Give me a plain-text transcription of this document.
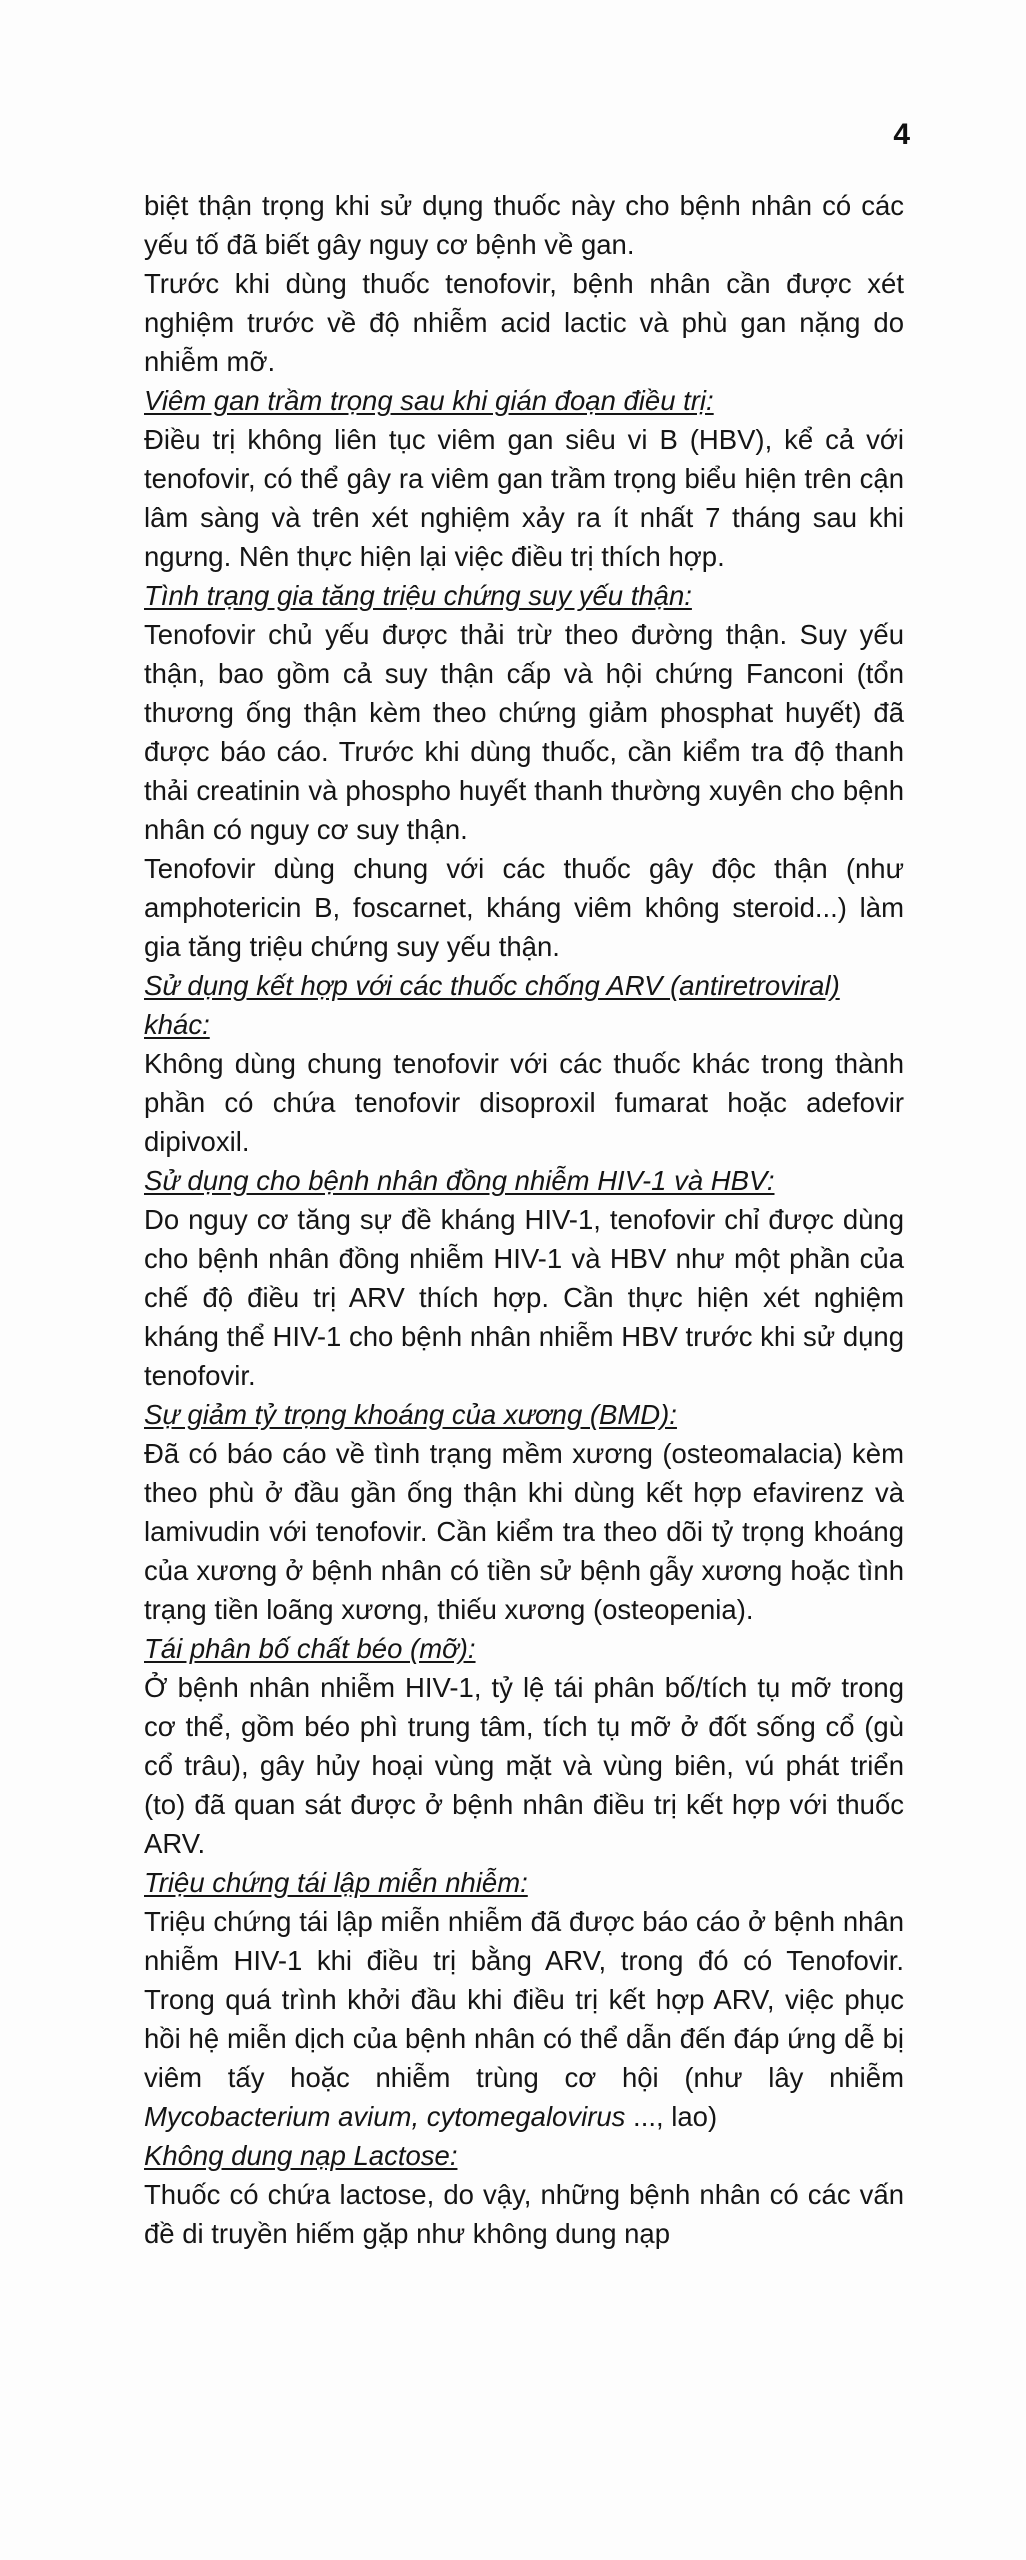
4

biệt thận trọng khi sử dụng thuốc này cho bệnh nhân có các yếu tố đã biết gây nguy cơ bệnh về gan.

Trước khi dùng thuốc tenofovir, bệnh nhân cần được xét nghiệm trước về độ nhiễm acid lactic và phù gan nặng do nhiễm mỡ.

Viêm gan trầm trọng sau khi gián đoạn điều trị:

Điều trị không liên tục viêm gan siêu vi B (HBV), kể cả với tenofovir, có thể gây ra viêm gan trầm trọng biểu hiện trên cận lâm sàng và trên xét nghiệm xảy ra ít nhất 7 tháng sau khi ngưng. Nên thực hiện lại việc điều trị thích hợp.

Tình trạng gia tăng triệu chứng suy yếu thận:

Tenofovir chủ yếu được thải trừ theo đường thận. Suy yếu thận, bao gồm cả suy thận cấp và hội chứng Fanconi (tổn thương ống thận kèm theo chứng giảm phosphat huyết) đã được báo cáo. Trước khi dùng thuốc, cần kiểm tra độ thanh thải creatinin và phospho huyết thanh thường xuyên cho bệnh nhân có nguy cơ suy thận.

Tenofovir dùng chung với các thuốc gây độc thận (như amphotericin B, foscarnet, kháng viêm không steroid...) làm gia tăng triệu chứng suy yếu thận.

Sử dụng kết hợp với các thuốc chống ARV (antiretroviral) khác:

Không dùng chung tenofovir với các thuốc khác trong thành phần có chứa tenofovir disoproxil fumarat hoặc adefovir dipivoxil.

Sử dụng cho bệnh nhân đồng nhiễm HIV-1 và HBV:

Do nguy cơ tăng sự đề kháng HIV-1, tenofovir chỉ được dùng cho bệnh nhân đồng nhiễm HIV-1 và HBV như một phần của chế độ điều trị ARV thích hợp. Cần thực hiện xét nghiệm kháng thể HIV-1 cho bệnh nhân nhiễm HBV trước khi sử dụng tenofovir.

Sự giảm tỷ trọng khoáng của xương (BMD):

Đã có báo cáo về tình trạng mềm xương (osteomalacia) kèm theo phù ở đầu gần ống thận khi dùng kết hợp efavirenz và lamivudin với tenofovir. Cần kiểm tra theo dõi tỷ trọng khoáng của xương ở bệnh nhân có tiền sử bệnh gẫy xương hoặc tình trạng tiền loãng xương, thiếu xương (osteopenia).

Tái phân bố chất béo (mỡ):

Ở bệnh nhân nhiễm HIV-1, tỷ lệ tái phân bố/tích tụ mỡ trong cơ thể, gồm béo phì trung tâm, tích tụ mỡ ở đốt sống cổ (gù cổ trâu), gây hủy hoại vùng mặt và vùng biên, vú phát triển (to) đã quan sát được ở bệnh nhân điều trị kết hợp với thuốc ARV.

Triệu chứng tái lập miễn nhiễm:

Triệu chứng tái lập miễn nhiễm đã được báo cáo ở bệnh nhân nhiễm HIV-1 khi điều trị bằng ARV, trong đó có Tenofovir. Trong quá trình khởi đầu khi điều trị kết hợp ARV, việc phục hồi hệ miễn dịch của bệnh nhân có thể dẫn đến đáp ứng dễ bị viêm tấy hoặc nhiễm trùng cơ hội (như lây nhiễm Mycobacterium avium, cytomegalovirus ..., lao)

Không dung nạp Lactose:

Thuốc có chứa lactose, do vậy, những bệnh nhân có các vấn đề di truyền hiếm gặp như không dung nạp
